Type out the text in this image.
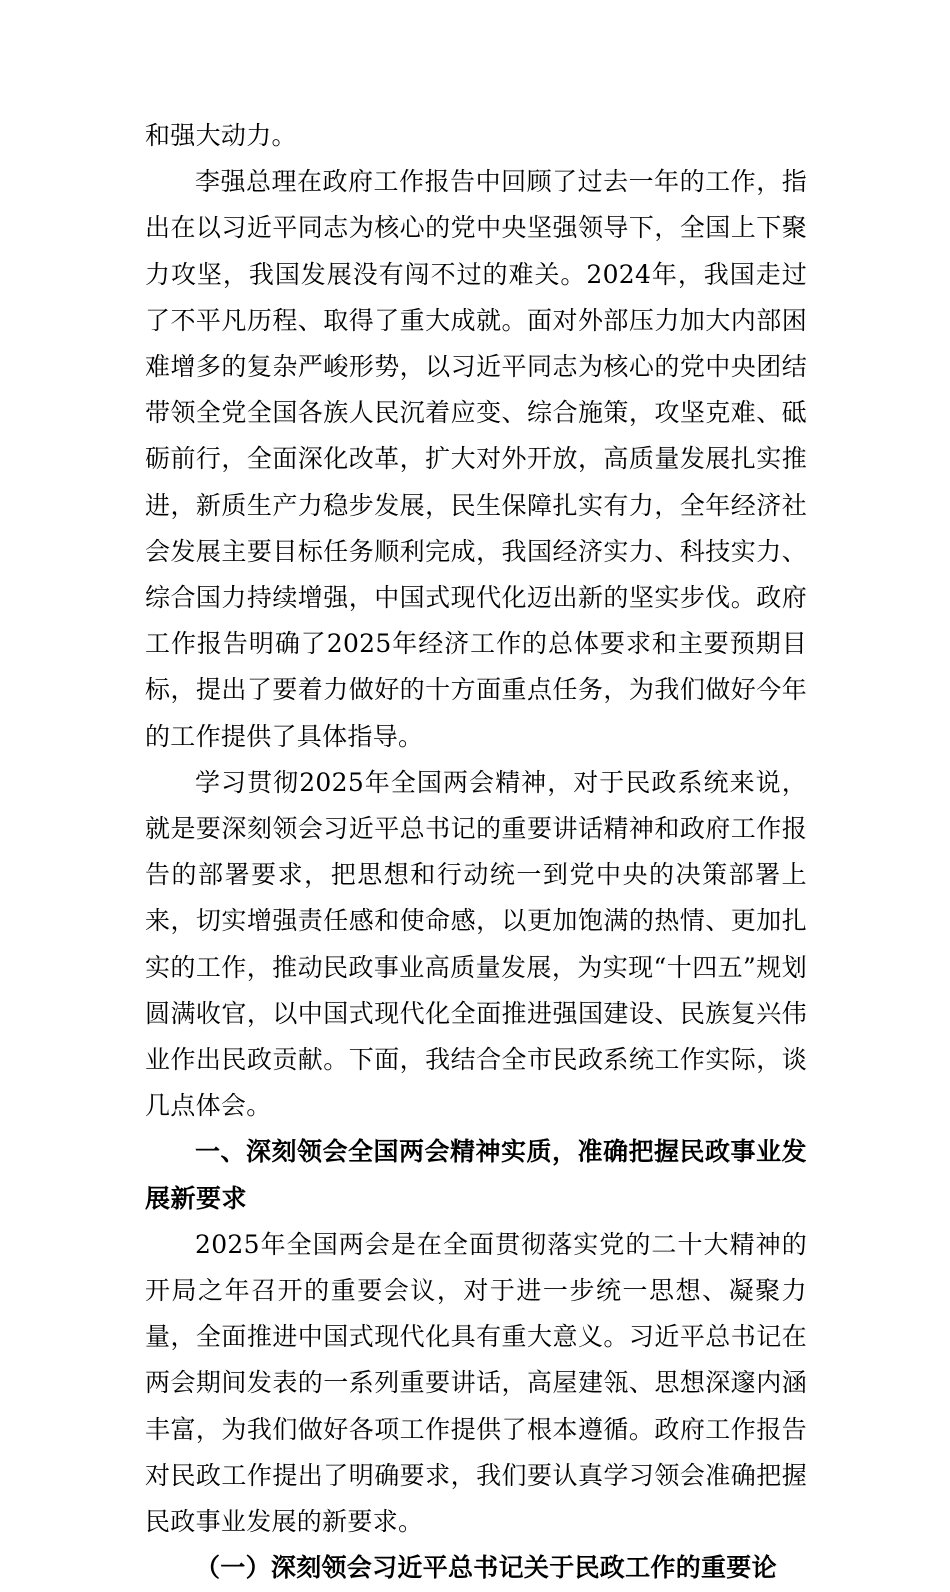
和强大动力。

李强总理在政府工作报告中回顾了过去一年的工作，指出在以习近平同志为核心的党中央坚强领导下，全国上下聚力攻坚，我国发展没有闯不过的难关。2024年，我国走过了不平凡历程、取得了重大成就。面对外部压力加大内部困难增多的复杂严峻形势，以习近平同志为核心的党中央团结带领全党全国各族人民沉着应变、综合施策，攻坚克难、砥砺前行，全面深化改革，扩大对外开放，高质量发展扎实推进，新质生产力稳步发展，民生保障扎实有力，全年经济社会发展主要目标任务顺利完成，我国经济实力、科技实力、综合国力持续增强，中国式现代化迈出新的坚实步伐。政府工作报告明确了2025年经济工作的总体要求和主要预期目标，提出了要着力做好的十方面重点任务，为我们做好今年的工作提供了具体指导。

学习贯彻2025年全国两会精神，对于民政系统来说，就是要深刻领会习近平总书记的重要讲话精神和政府工作报告的部署要求，把思想和行动统一到党中央的决策部署上来，切实增强责任感和使命感，以更加饱满的热情、更加扎实的工作，推动民政事业高质量发展，为实现“十四五”规划圆满收官，以中国式现代化全面推进强国建设、民族复兴伟业作出民政贡献。下面，我结合全市民政系统工作实际，谈几点体会。

一、深刻领会全国两会精神实质，准确把握民政事业发展新要求

2025年全国两会是在全面贯彻落实党的二十大精神的开局之年召开的重要会议，对于进一步统一思想、凝聚力量，全面推进中国式现代化具有重大意义。习近平总书记在两会期间发表的一系列重要讲话，高屋建瓴、思想深邃内涵丰富，为我们做好各项工作提供了根本遵循。政府工作报告对民政工作提出了明确要求，我们要认真学习领会准确把握民政事业发展的新要求。

（一）深刻领会习近平总书记关于民政工作的重要论
